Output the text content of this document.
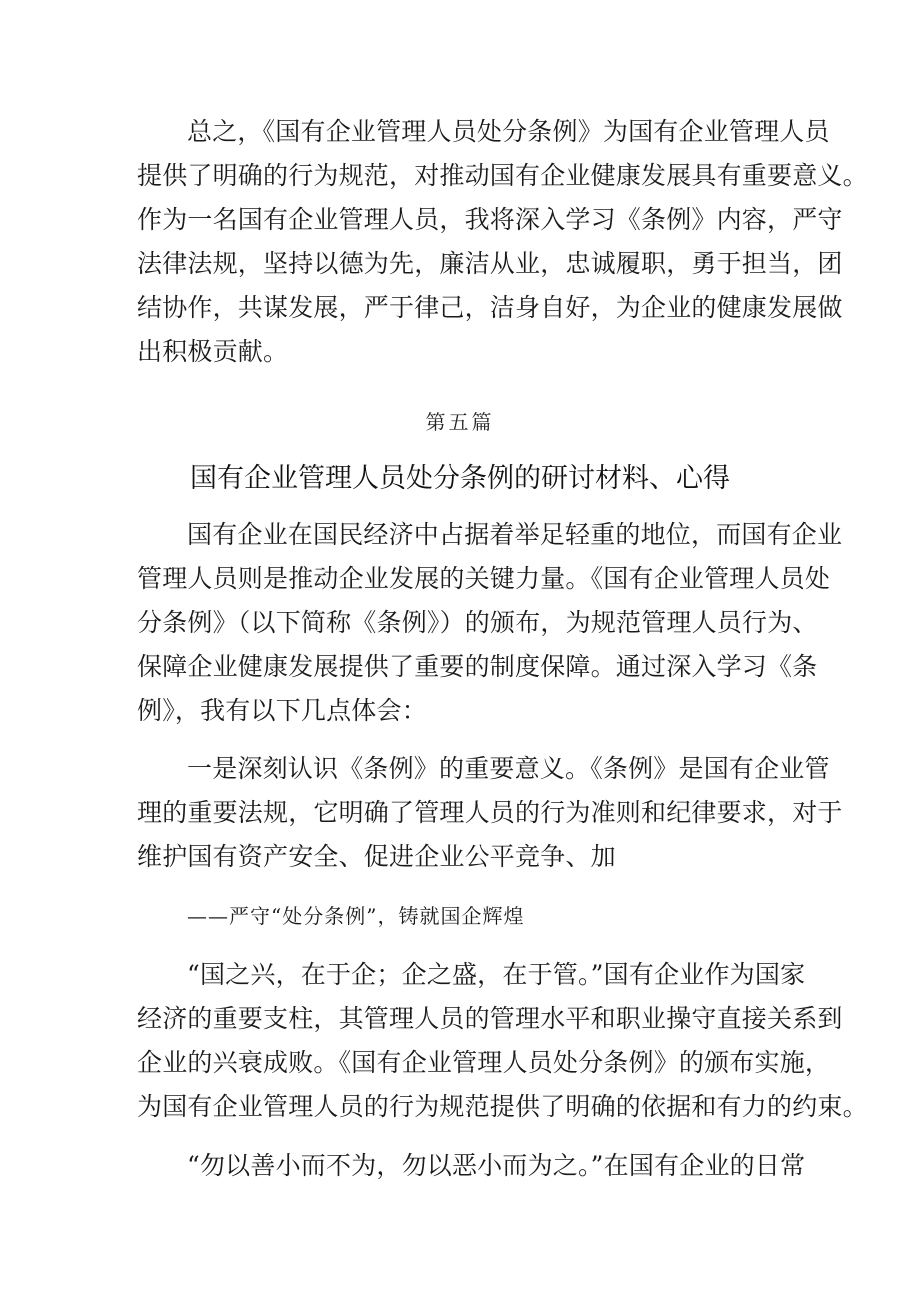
总之，《国有企业管理人员处分条例》为国有企业管理人员
提供了明确的行为规范，对推动国有企业健康发展具有重要意义。
作为一名国有企业管理人员，我将深入学习《条例》内容，严守
法律法规，坚持以德为先，廉洁从业，忠诚履职，勇于担当，团
结协作，共谋发展，严于律己，洁身自好，为企业的健康发展做
出积极贡献。
第五篇
国有企业管理人员处分条例的研讨材料、心得
国有企业在国民经济中占据着举足轻重的地位，而国有企业
管理人员则是推动企业发展的关键力量。《国有企业管理人员处
分条例》（以下简称《条例》）的颁布，为规范管理人员行为、
保障企业健康发展提供了重要的制度保障。通过深入学习《条
例》，我有以下几点体会：
一是深刻认识《条例》的重要意义。《条例》是国有企业管
理的重要法规，它明确了管理人员的行为准则和纪律要求，对于
维护国有资产安全、促进企业公平竞争、加
——严守“处分条例”，铸就国企辉煌
“国之兴，在于企；企之盛，在于管。”国有企业作为国家
经济的重要支柱，其管理人员的管理水平和职业操守直接关系到
企业的兴衰成败。《国有企业管理人员处分条例》的颁布实施，
为国有企业管理人员的行为规范提供了明确的依据和有力的约束。
“勿以善小而不为，勿以恶小而为之。”在国有企业的日常
